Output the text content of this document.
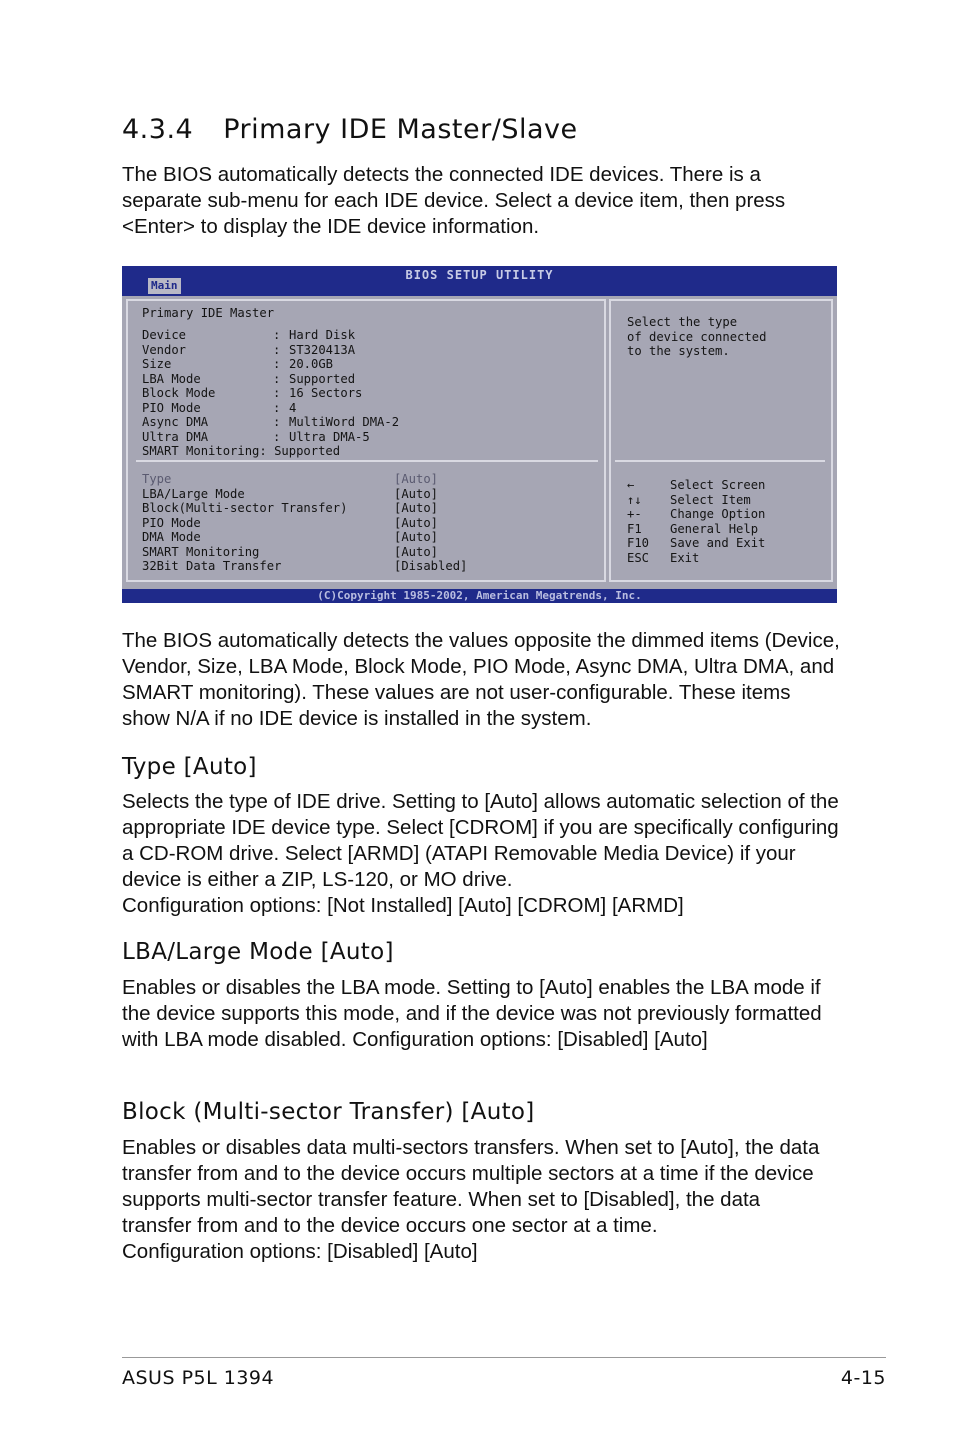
4.3.4 Primary IDE Master/Slave

The BIOS automatically detects the connected IDE devices. There is a separate sub-menu for each IDE device. Select a device item, then press <Enter> to display the IDE device information.

BIOS SETUP UTILITY
Main
Primary IDE Master
Device	: Hard Disk
Vendor	: ST320413A
Size	: 20.0GB
LBA Mode	: Supported
Block Mode	: 16 Sectors
PIO Mode	: 4
Async DMA	: MultiWord DMA-2
Ultra DMA	: Ultra DMA-5
SMART Monitoring: Supported
Type	[Auto]
LBA/Large Mode	[Auto]
Block(Multi-sector Transfer)	[Auto]
PIO Mode	[Auto]
DMA Mode	[Auto]
SMART Monitoring	[Auto]
32Bit Data Transfer	[Disabled]
Select the type
of device connected
to the system.
←	Select Screen
↑↓ Select Item
+- Change Option
F1 General Help
F10 Save and Exit
ESC Exit
(C)Copyright 1985-2002, American Megatrends, Inc.

The BIOS automatically detects the values opposite the dimmed items (Device, Vendor, Size, LBA Mode, Block Mode, PIO Mode, Async DMA, Ultra DMA, and SMART monitoring). These values are not user-configurable. These items show N/A if no IDE device is installed in the system.

Type [Auto]

Selects the type of IDE drive. Setting to [Auto] allows automatic selection of the appropriate IDE device type. Select [CDROM] if you are specifically configuring a CD-ROM drive. Select [ARMD] (ATAPI Removable Media Device) if your device is either a ZIP, LS-120, or MO drive.

Configuration options: [Not Installed] [Auto] [CDROM] [ARMD]

LBA/Large Mode [Auto]

Enables or disables the LBA mode. Setting to [Auto] enables the LBA mode if the device supports this mode, and if the device was not previously formatted with LBA mode disabled. Configuration options: [Disabled] [Auto]

Block (Multi-sector Transfer) [Auto]

Enables or disables data multi-sectors transfers. When set to [Auto], the data transfer from and to the device occurs multiple sectors at a time if the device supports multi-sector transfer feature. When set to [Disabled], the data transfer from and to the device occurs one sector at a time.

Configuration options: [Disabled] [Auto]

ASUS P5L 1394	4-15
